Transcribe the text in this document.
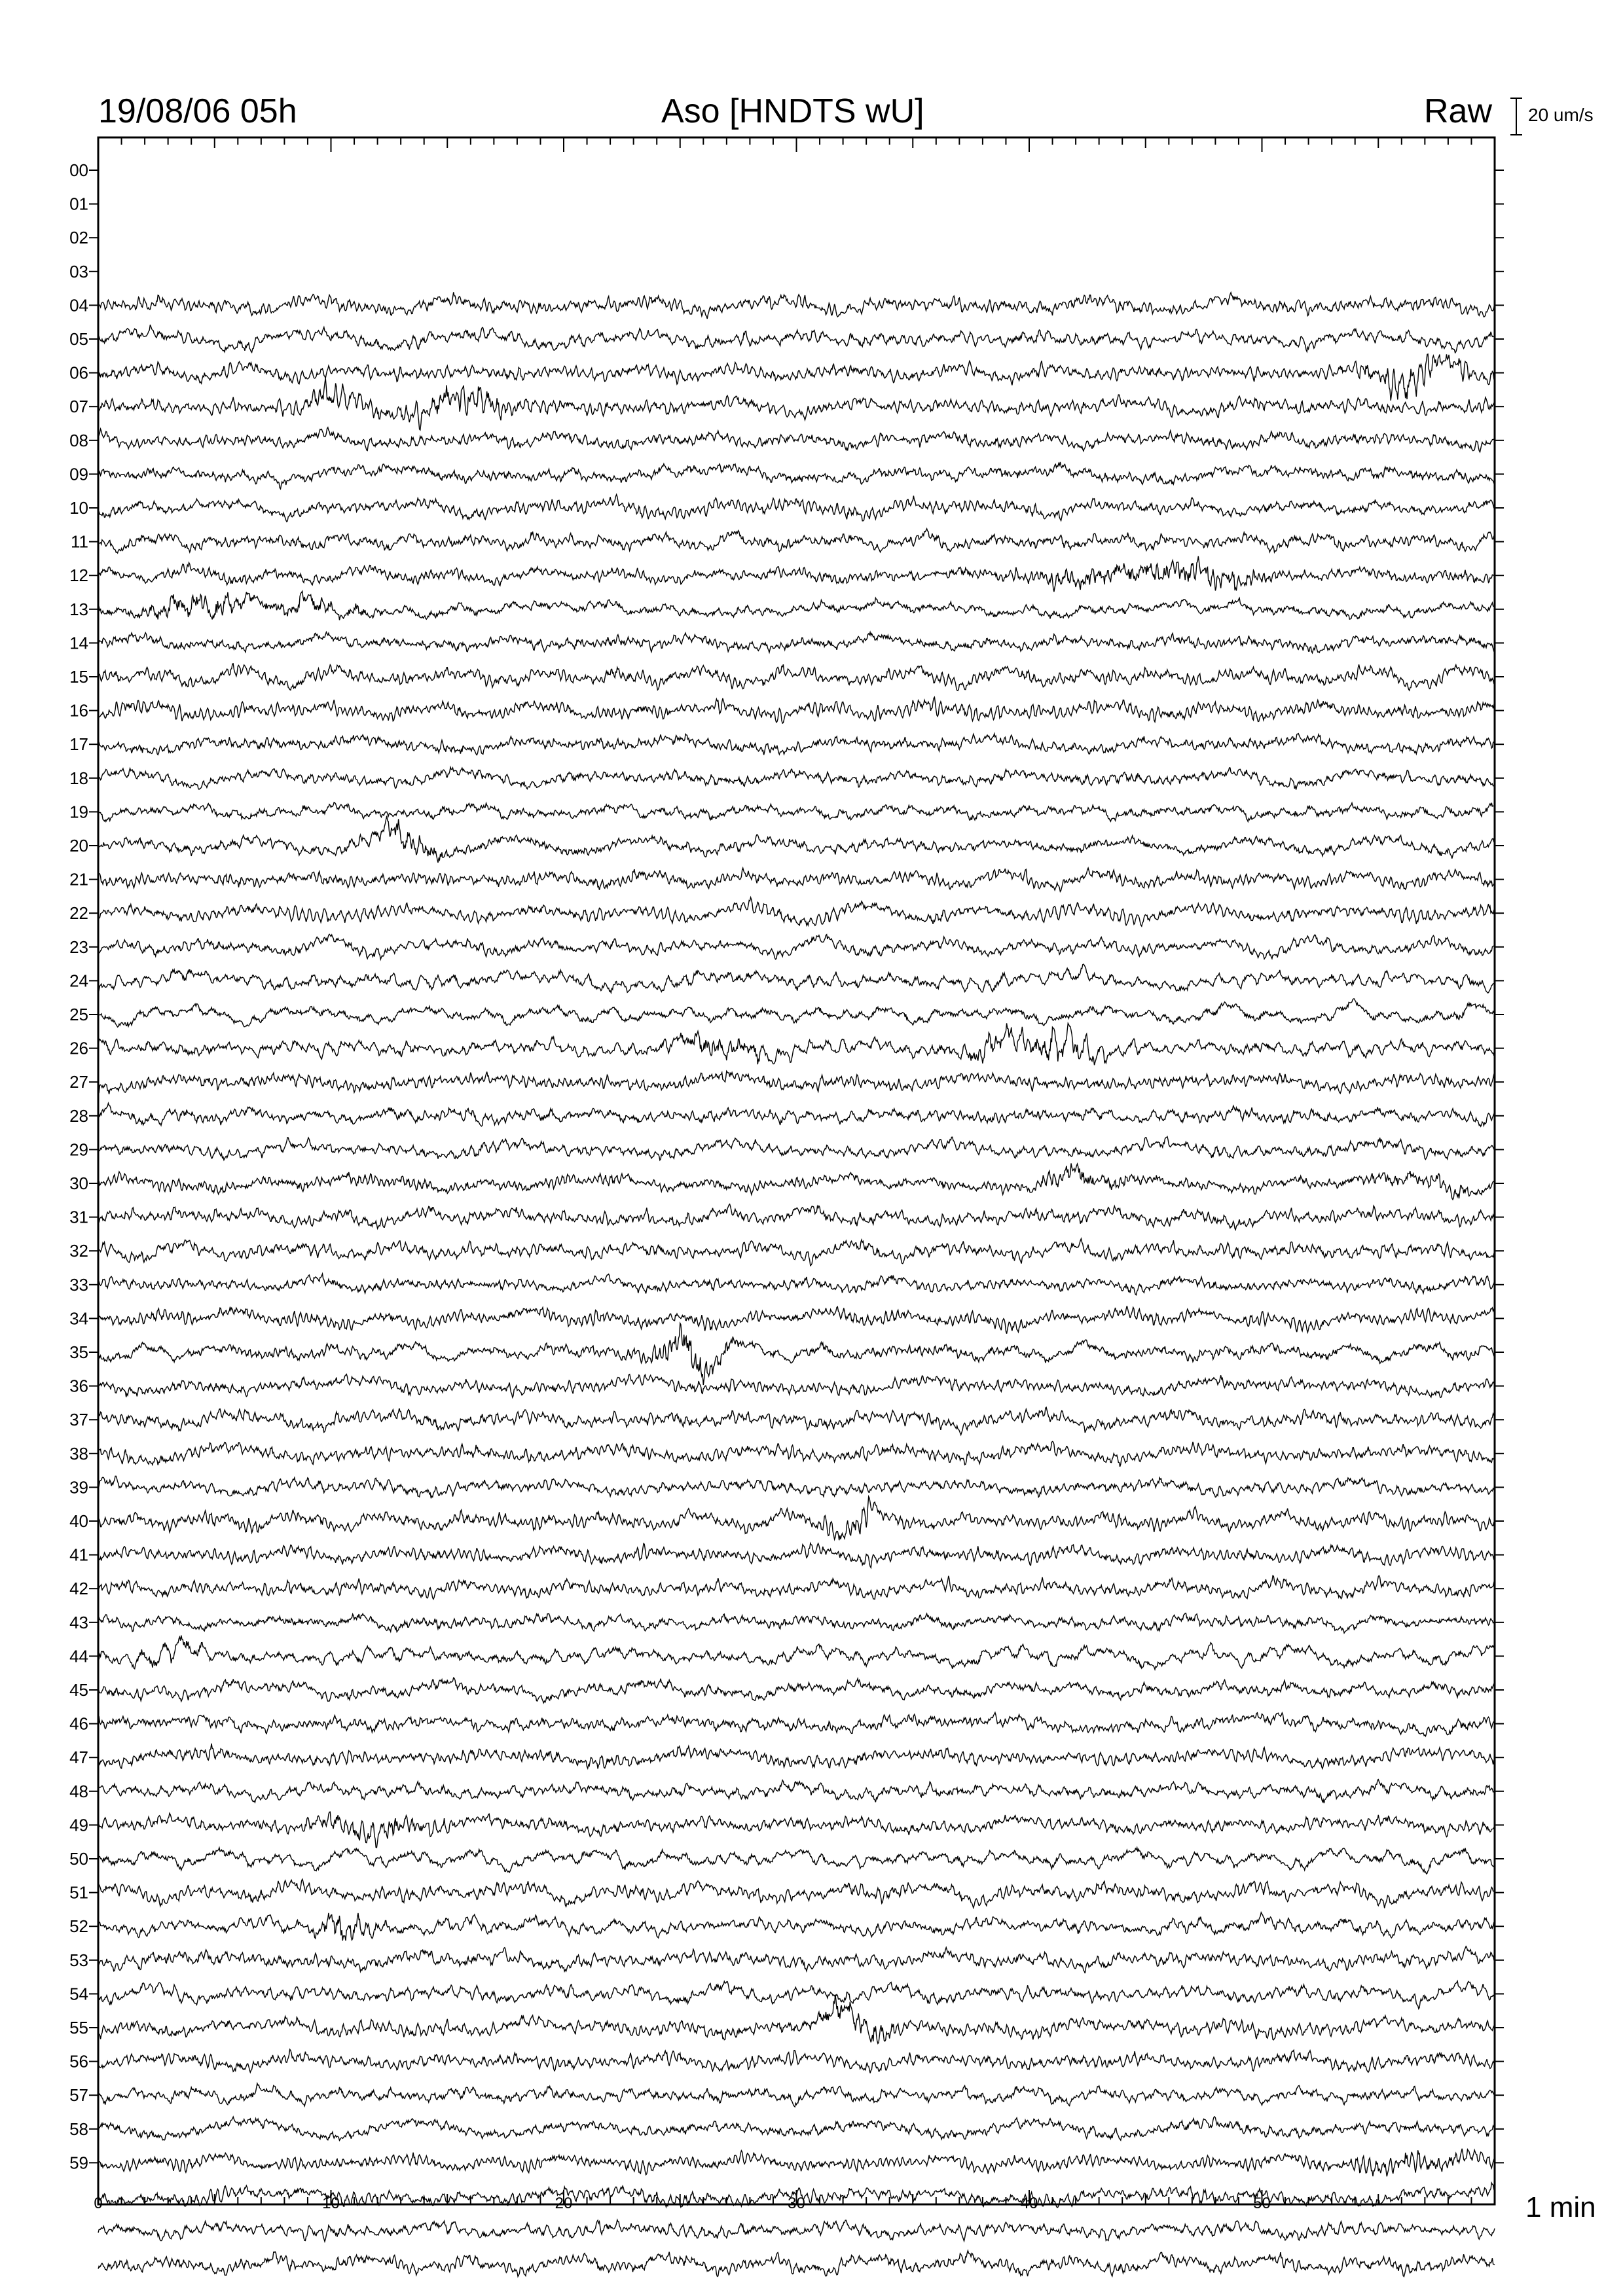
00
01
02
03
04
05
06
07
08
09
10
11
12
13
14
15
16
17
18
19
20
21
22
23
24
25
26
27
28
29
30
31
32
33
34
35
36
37
38
39
40
41
42
43
44
45
46
47
48
49
50
51
52
53
54
55
56
57
58
59
0	10	20	30	40	50
19/08/06 05h	Aso [HNDTS wU]	Raw 20 um/s
1 min
